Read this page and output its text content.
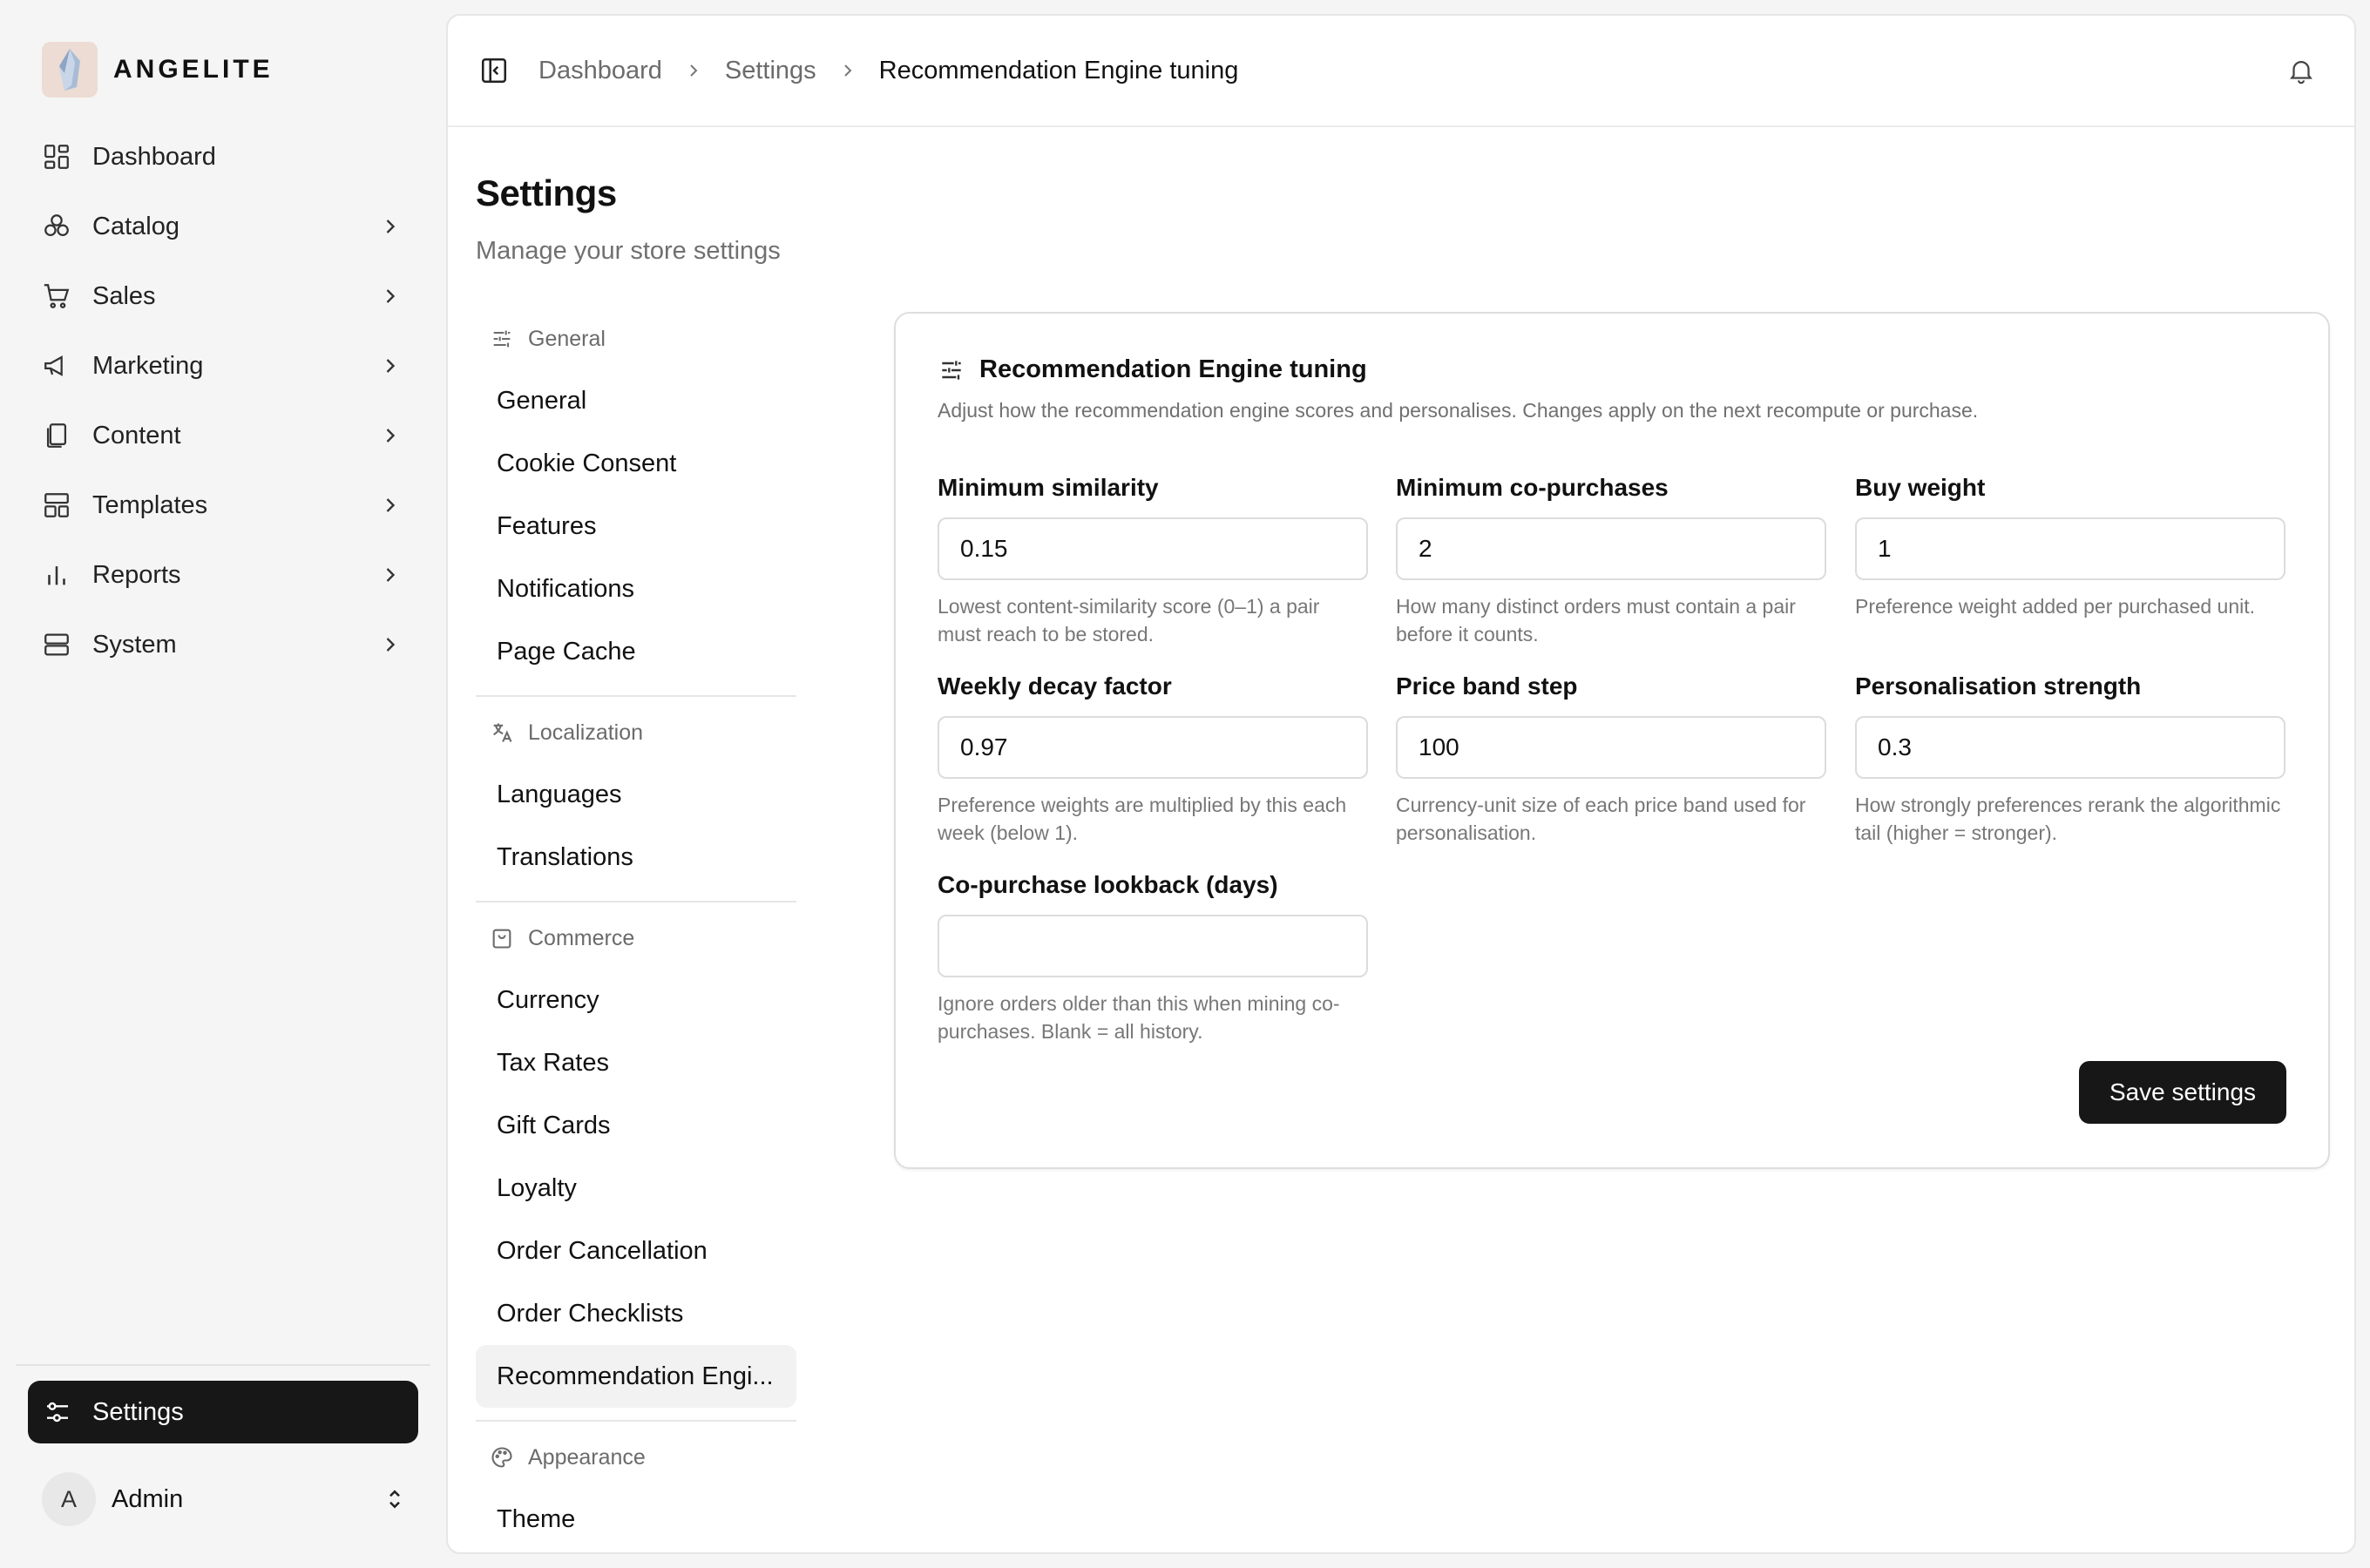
ANGELITE
Dashboard
Catalog
Sales
Marketing
Content
Templates
Reports
System
Settings
A	Admin
Dashboard	Settings	Recommendation Engine tuning
Settings

Manage your store settings

General
General
Cookie Consent
Features
Notifications
Page Cache
Localization
Languages
Translations
Commerce
Currency
Tax Rates
Gift Cards
Loyalty
Order Cancellation
Order Checklists
Recommendation Engi...
Appearance
Theme
Recommendation Engine tuning

Adjust how the recommendation engine scores and personalises. Changes apply on the next recompute or purchase.

Minimum similarity
0.15
Lowest content-similarity score (0–1) a pair must reach to be stored.
Minimum co-purchases
2
How many distinct orders must contain a pair before it counts.
Buy weight
1
Preference weight added per purchased unit.
Weekly decay factor
0.97
Preference weights are multiplied by this each week (below 1).
Price band step
100
Currency-unit size of each price band used for personalisation.
Personalisation strength
0.3
How strongly preferences rerank the algorithmic tail (higher = stronger).
Co-purchase lookback (days)
Ignore orders older than this when mining co-purchases. Blank = all history.
Save settings
